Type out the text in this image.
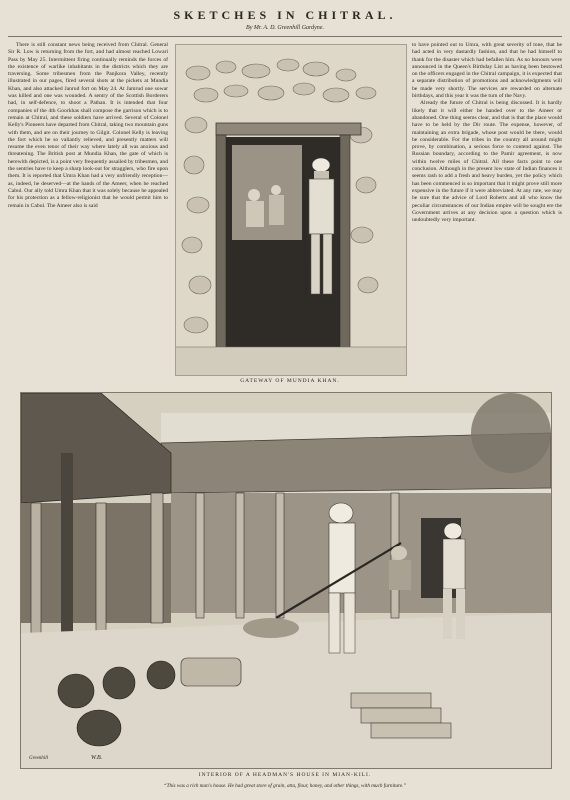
SKETCHES IN CHITRAL.
By Mr. A. D. Greenhill Gardyne.

There is still constant news being received from Chitral. General Sir R. Low is returning from the fort, and had almost reached Lowari Pass by May 25. Intermittent firing continually reminds the forces of the existence of warlike inhabitants in the districts which they are traversing. Some tribesmen from the Panjkora Valley, recently illustrated in our pages, fired several shots at the pickets at Mundia Khan, and also attacked Janrud fort on May 24. At Jamrud one sowar was killed and one was wounded. A sentry of the Scottish Borderers had, in self-defence, to shoot a Pathan. It is intended that four companies of the 4th Goorkhas shall compose the garrison which is to remain at Chitral, and these soldiers have arrived. Several of Colonel Kelly's Pioneers have departed from Chitral, taking two mountain guns with them, and are on their journey to Gilgit. Colonel Kelly is leaving the fort which he so valiantly relieved, and presently matters will resume the even tenor of their way where lately all was anxious and threatening. The British post at Mundia Khan, the gate of which is herewith depicted, is a point very frequently assailed by tribesmen, and the sentries have to keep a sharp look-out for stragglers, who fire upon them. It is reported that Umra Khan had a very unfriendly reception—as, indeed, he deserved—at the hands of the Ameer, when he reached Cabul. Our ally told Umra Khan that it was solely because he appealed for his protection as a fellow-religionist that he would permit him to remain in Cabul. The Ameer also is said

GATEWAY OF MUNDIA KHAN.

to have pointed out to Umra, with great severity of tone, that he had acted in very dastardly fashion, and that he had himself to thank for the disaster which had befallen him. As no honours were announced in the Queen's Birthday List as having been bestowed on the officers engaged in the Chitral campaign, it is expected that a separate distribution of promotions and acknowledgments will be made very shortly. The services are rewarded on alternate birthdays, and this year it was the turn of the Navy.

Already the future of Chitral is being discussed. It is hardly likely that it will either be handed over to the Ameer or abandoned. One thing seems clear, and that is that the place would have to be held by the Dir route. The expense, however, of maintaining an extra brigade, whose post would be there, would be considerable. For the tribes in the country all around might prove, by combination, a serious force to contend against. The Russian boundary, according to the Pamir agreement, is now within twelve miles of Chitral. All these facts point to one conclusion. Although in the present low state of Indian finances it seems rash to add a fresh and heavy burden, yet the policy which has been commenced is so important that it might prove still more expensive in the future if it were abbreviated. At any rate, we may be sure that the advice of Lord Roberts and all who know the peculiar circumstances of our Indian empire will be sought ere the Government arrives at any decision upon a question which is undoubtedly very important.

Greenhill	W.B.
INTERIOR OF A HEADMAN'S HOUSE IN MIAN-KILI.
“This was a rich man's house. He had great store of grain, atta, flour, honey, and other things, with much furniture.”
